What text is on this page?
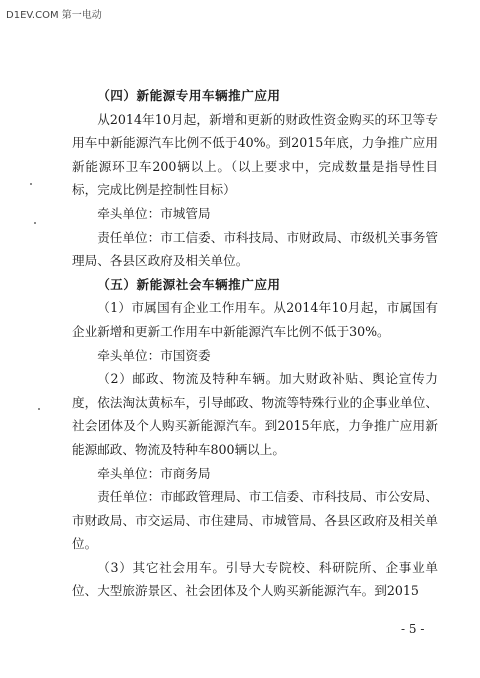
D1EV.COM 第一电动

（四）新能源专用车辆推广应用

从2014年10月起，新增和更新的财政性资金购买的环卫等专用车中新能源汽车比例不低于40%。到2015年底，力争推广应用新能源环卫车200辆以上。（以上要求中，完成数量是指导性目标，完成比例是控制性目标）

牵头单位：市城管局

责任单位：市工信委、市科技局、市财政局、市级机关事务管理局、各县区政府及相关单位。

（五）新能源社会车辆推广应用

（1）市属国有企业工作用车。从2014年10月起，市属国有企业新增和更新工作用车中新能源汽车比例不低于30%。

牵头单位：市国资委

（2）邮政、物流及特种车辆。加大财政补贴、舆论宣传力度，依法淘汰黄标车，引导邮政、物流等特殊行业的企事业单位、社会团体及个人购买新能源汽车。到2015年底，力争推广应用新能源邮政、物流及特种车800辆以上。

牵头单位：市商务局

责任单位：市邮政管理局、市工信委、市科技局、市公安局、市财政局、市交运局、市住建局、市城管局、各县区政府及相关单位。

（3）其它社会用车。引导大专院校、科研院所、企事业单位、大型旅游景区、社会团体及个人购买新能源汽车。到2015

- 5 -
